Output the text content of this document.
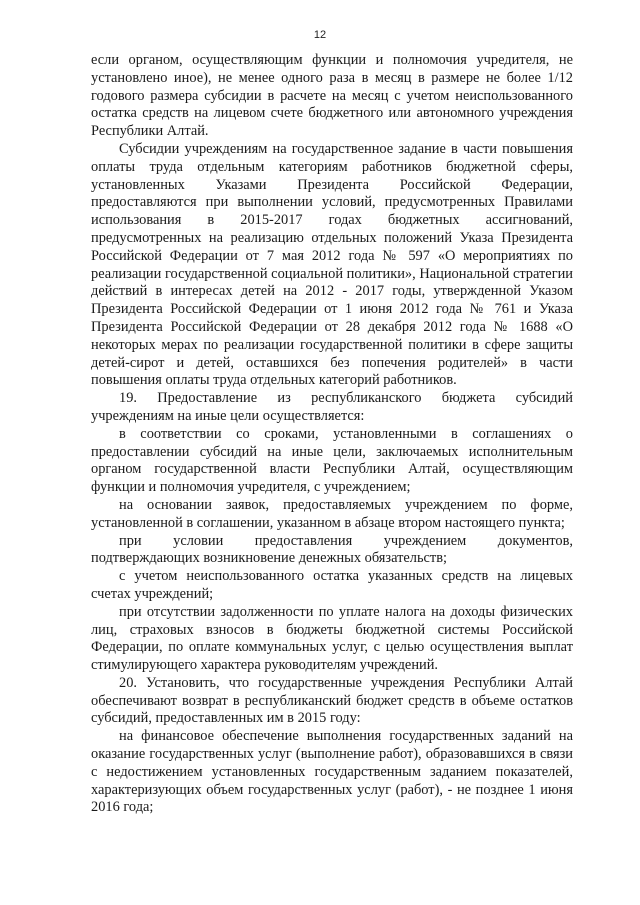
12

если органом, осуществляющим функции и полномочия учредителя, не установлено иное), не менее одного раза в месяц в размере не более 1/12 годового размера субсидии в расчете на месяц с учетом неиспользованного остатка средств на лицевом счете бюджетного или автономного учреждения Республики Алтай.

Субсидии учреждениям на государственное задание в части повышения оплаты труда отдельным категориям работников бюджетной сферы, установленных Указами Президента Российской Федерации, предоставляются при выполнении условий, предусмотренных Правилами использования в 2015-2017 годах бюджетных ассигнований, предусмотренных на реализацию отдельных положений Указа Президента Российской Федерации от 7 мая 2012 года № 597 «О мероприятиях по реализации государственной социальной политики», Национальной стратегии действий в интересах детей на 2012 - 2017 годы, утвержденной Указом Президента Российской Федерации от 1 июня 2012 года № 761 и Указа Президента Российской Федерации от 28 декабря 2012 года № 1688 «О некоторых мерах по реализации государственной политики в сфере защиты детей-сирот и детей, оставшихся без попечения родителей» в части повышения оплаты труда отдельных категорий работников.

19. Предоставление из республиканского бюджета субсидий учреждениям на иные цели осуществляется:

в соответствии со сроками, установленными в соглашениях о предоставлении субсидий на иные цели, заключаемых исполнительным органом государственной власти Республики Алтай, осуществляющим функции и полномочия учредителя, с учреждением;

на основании заявок, предоставляемых учреждением по форме, установленной в соглашении, указанном в абзаце втором настоящего пункта;

при условии предоставления учреждением документов, подтверждающих возникновение денежных обязательств;

с учетом неиспользованного остатка указанных средств на лицевых счетах учреждений;

при отсутствии задолженности по уплате налога на доходы физических лиц, страховых взносов в бюджеты бюджетной системы Российской Федерации, по оплате коммунальных услуг, с целью осуществления выплат стимулирующего характера руководителям учреждений.

20. Установить, что государственные учреждения Республики Алтай обеспечивают возврат в республиканский бюджет средств в объеме остатков субсидий, предоставленных им в 2015 году:

на финансовое обеспечение выполнения государственных заданий на оказание государственных услуг (выполнение работ), образовавшихся в связи с недостижением установленных государственным заданием показателей, характеризующих объем государственных услуг (работ), - не позднее 1 июня 2016 года;
